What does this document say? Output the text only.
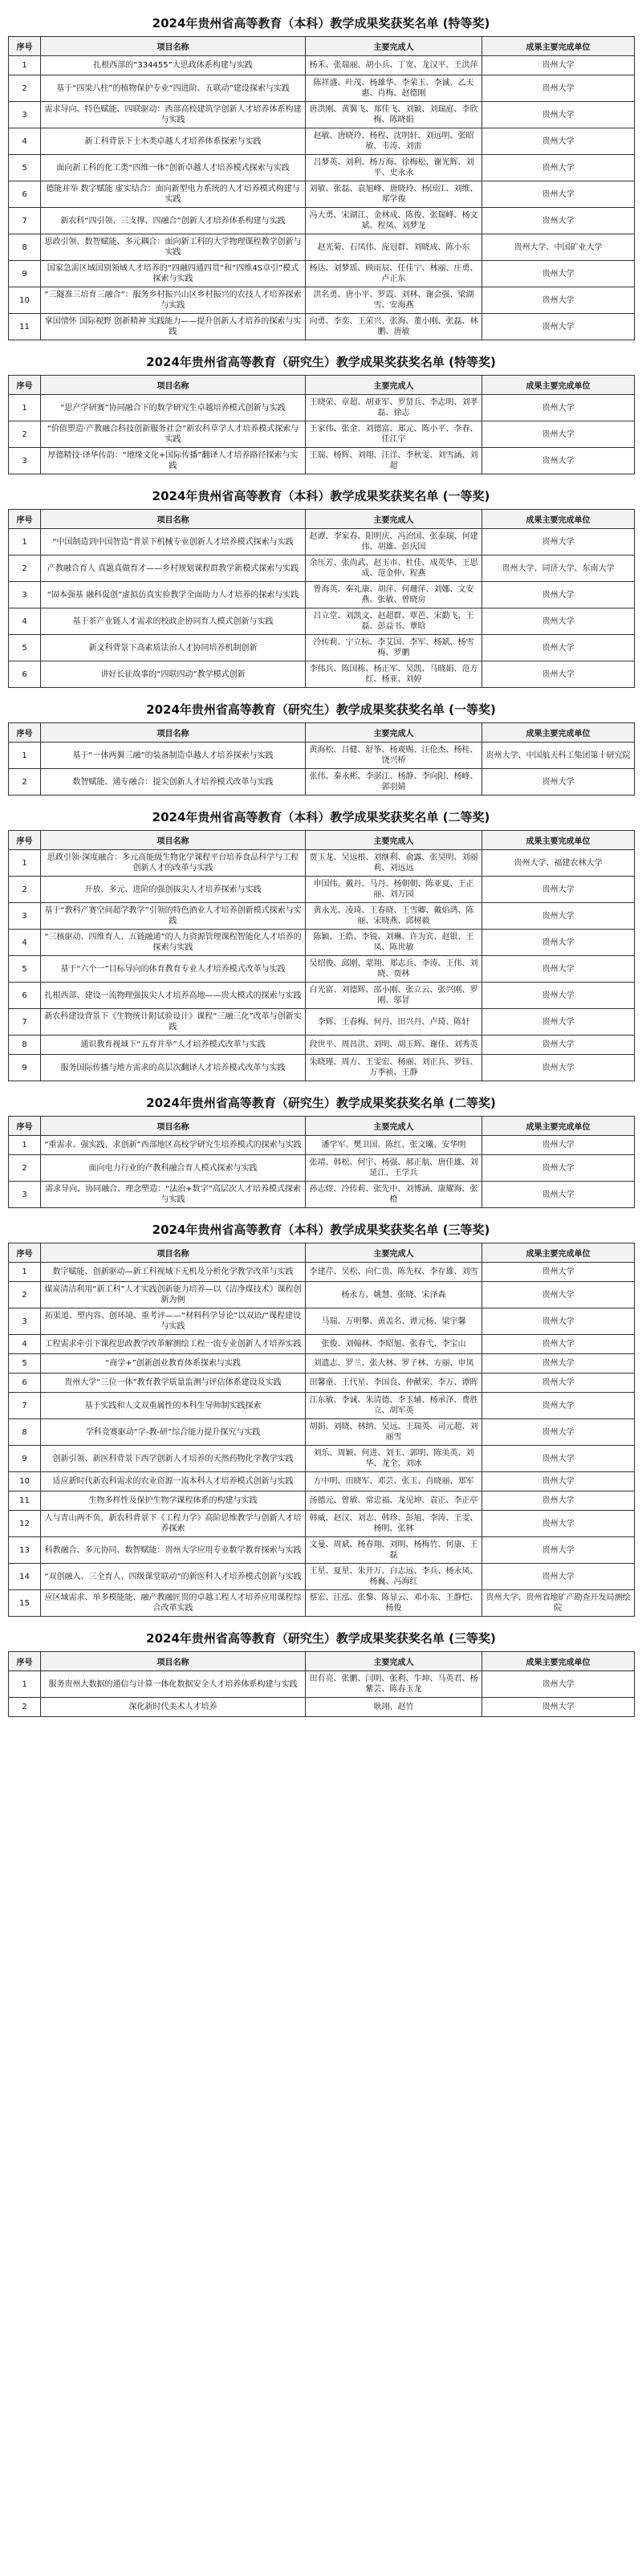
2024年贵州省高等教育（本科）教学成果奖获奖名单 (特等奖)
序号	项目名称	主要完成人	成果主要完成单位
1	扎根西部的“334455”大思政体系构建与实践	杨禾、张瑞丽、胡小兵、丁宽、龙汉平、王洪萍	贵州大学
2	基于“四梁八柱”的植物保护专业“四进阶、五联动”建设探索与实践	陈祥盛、叶茂、杨雄华、李荣玉、李诚、乙天惠、肖梅、赵德刚	贵州大学
3	需求导向、特色赋能、四联驱动：西部高校建筑学创新人才培养体系构建与实践	唐洪刚、黄翼飞、郑佳飞、刘颖、刘瑞庭、李欣梅、陈晓娟	贵州大学
4	新工科背景下土木类卓越人才培养体系探索与实践	赵敏、唐晓玲、杨程、沈明轩、刘远明、张昭敏、韦涛、刘雷	贵州大学
5	面向新工科的化工类“四维一体”创新卓越人才培养模式探索与实践	吕梦英、刘利、杨万海、徐梅松、谢光辉、刘平、史永永	贵州大学
6	德能并举 数字赋能 虚实结合：面向新型电力系统的人才培养模式构建与实践	刘敏、张磊、袁旭峰、唐晓玲、杨国江、刘维、郑学俊	贵州大学
7	新农科“四引领、三支撑、四融合”创新人才培养体系构建与实践	冯大勇、宋湖江、金林成、陈俊、张瑞峰、杨文斌、程凤、刘梦龙	贵州大学
8	思政引领、数智赋能、多元耦合：面向新工科的大学物理课程教学创新与实践	赵光菊、石凤伟、庞冠群、刘晓成、陈小东	贵州大学、中国矿业大学
9	国家急需区域国别领域人才培养的“四融四通四贯”和“四维4S卓引”模式探索与实践	杨达、刘梦瑶、顾雨辰、任佳宁、林丽、庄勇、卢正东	贵州大学
10	“三隧准三培育三融合”：服务乡村振兴山区乡村振兴的农技人才培养探索与实践	洪名勇、唐小平、罗霞、刘林、谢会强、梁湖雪、安海燕	贵州大学
11	掌国情怀 国际视野 创新精神 实践能力——提升创新人才培养的探索与实践	向勇、李奕、王荣兴、张海、董小刚、张磊、林鹏、唐敏	贵州大学
2024年贵州省高等教育（研究生）教学成果奖获奖名单 (特等奖)
序号	项目名称	主要完成人	成果主要完成单位
1	“思产学研赛”协同融合下的数学研究生卓越培养模式创新与实践	王晓荣、章超、胡亚军、罗贤兵、李志明、刘孝磊、徐志	贵州大学
2	“价值塑造·产教融合科技创新服务社会”新农科草学人才培养模式探索与实践	王家伟、张金、刘德富、郑元、陈小平、李春、任江宇	贵州大学
3	厚德精技·译华传韵：“地缘文化+国际传播”翻译人才培养路径探索与实践	王瑞、杨辉、刘翔、汪洋、李秋雯、刘雪涵、刘超	贵州大学
2024年贵州省高等教育（本科）教学成果奖获奖名单 (一等奖)
序号	项目名称	主要完成人	成果主要完成单位
1	“中国制造到中国智造”背景下机械专业创新人才培养模式探索与实践	赵谭、李家春、阳明庆、冯治国、张泰瑞、何建伟、胡雄、彭庆国	贵州大学
2	产教融合育人 真题真做育才——乡村规划课程群教学新模式探索与实践	余压芳、张尚武、赵玉市、杜佳、成英华、王思成、范金仲、程燕	贵州大学、同济大学、东南大学
3	“固本强基 融科促创”虚拟仿真实验教学全面助力人才培养的探索与实践	曾海英、秦礼康、胡萍、何珊萍、刘娜、文安燕、张敏、曾晓房	贵州大学
4	基于茶产业链人才需求的校政企协同育人模式创新与实践	吕立堂、刘凯文、赵超群、覃芭、宋勤飞、王磊、彭益书、蕈晗	贵州大学
5	新文科背景下高素质法治人才协同培养机制创新	冷传莉、宁立标、李艾国、李军、杨斌、杨雪梅、罗鹏	贵州大学
6	讲好长征故事的“四联四动”教学模式创新	李伟兵、陈国栋、杨正军、吴凯、马晓娟、范方红、杨亚、刘婷	贵州大学
2024年贵州省高等教育（研究生）教学成果奖获奖名单 (一等奖)
序号	项目名称	主要完成人	成果主要完成单位
1	基于“一体两翼三融”的装备制造卓越人才培养探索与实践	黄海松、吕健、舒筝、杨观赐、汪伦杰、杨桂、饶兴桥	贵州大学、中国航天科工集团第十研究院
2	数智赋能、通专融合：提尖创新人才培养模式改革与实践	张伟、秦永彬、李湛江、杨静、李向阳、杨峰、郭羽婧	贵州大学
2024年贵州省高等教育（本科）教学成果奖获奖名单 (二等奖)
序号	项目名称	主要完成人	成果主要完成单位
1	思政引领·深度融合：多元高能级生物化学课程平台培养食品科学与工程创新人才的改革与实践	贾玉龙、吴远根、刘继利、俞露、张昊明、刘丽莉、刘远远	贵州大学、福建农林大学
2	开放、多元、进阶的强创拔尖人才培养探索与实践	申国伟、戴丹、马丹、杨朝朝、陈亚夏、王正丽、刘万园	贵州大学
3	基于“教科产赛空间超学教学”引领的特色酒业人才培养创新模式探索与实践	黄永光、凌琦、王春晓、王雪卿、戴焰鸿、陈丽、宋晓燕、邱树毅	贵州大学
4	“三核驱动、四维育人、五链融通”的人力资源管理课程智能化人才培养的探索与实践	陈颖、王皓、李锐、刘琳、许为宾、赵银、王凤、陈世敏	贵州大学
5	基于“六个一”目标导向的体育教育专业人才培养模式改革与实践	吴绍俊、邱刚、蒙翔、郑志兵、李涛、王伟、刘晓、贾林	贵州大学
6	扎根西部、建设一流物理强拔尖人才培养高地——贵大模式的探索与实践	白光富、刘德辉、邵小刚、张立云、张兴刚、罗刚、邬冒	贵州大学
7	新农科建设背景下《生物统计附试验设计》课程“三融三化”改革与创新实践	李辉、王春梅、何丹、田兴丹、卢琦、陈轩	贵州大学
8	通识教育视域下“五育并举”人才培养模式改革与实践	段世平、周昌洪、刘明、胡玉辉、谢佳、刘秀英	贵州大学
9	服务国际传播与地方需求的高层次翻译人才培养模式改革与实践	朱晓瑾、周方、王雯宏、杨丽、刘正兵、罗钰、万季祯、王静	贵州大学
2024年贵州省高等教育（研究生）教学成果奖获奖名单 (二等奖)
序号	项目名称	主要完成人	成果主要完成单位
1	“重需求、强实践、求创新”西部地区高校学研究生培养模式的探索与实践	潘学军、樊卫国、陈红、张文曦、安华明	贵州大学
2	面向电力行业的产教科融合育人模式探索与实践	张靖、韩松、何宇、杨强、郝正航、唐佳雄、刘延江、王学兵	贵州大学
3	需求导向、协同融合、理念塑造：“法治+数字”高层次人才培养模式探索与实践	孙志煜、冷传莉、张先中、刘博涵、康耀海、张橙	贵州大学
2024年贵州省高等教育（本科）教学成果奖获奖名单 (三等奖)
序号	项目名称	主要完成人	成果主要完成单位
1	数字赋能、创新驱动—新工科视域下无机及分析化学教学改革与实践	李建芹、吴松、向仁贵、陈先权、李存雄、刘雪	贵州大学
2	煤炭清洁利用“新工科”人才实践创新能力培养—以《洁净煤技术》课程创新为例	杨永方、姚慧、张晓、宋泽森	贵州大学
3	拓渠道、塑内容、创环境、重考评——“材料科学导论”以双语/“课程建设与实践	马瑞、万明攀、黄盖名、谭元杨、梁宇馨	贵州大学
4	工程需求牵引下课程思政教学改革解测绘工程一流专业创新人才培养实践	张俊、刘翰林、李昭旭、张春弋、李宝山	贵州大学
5	“商学+”创新创业教育体系探索与实践	刘遗志、罗兰、张大林、罗子林、方丽、申凤	贵州大学
6	贵州大学“三位一体”教育教学质量监测与评估体系建设及实践	田馨童、王代星、李国良、仲献荣、李万、谭晖	贵州大学
7	基于实践和人文双重属性的本科生导师制实践探索	江东敏、李诚、朱清德、李玉辅、杨承泽、费胜立、胡军英	贵州大学
8	学科竞赛驱动“学-教-研”综合能力提升探究与实践	胡娟、刘晓、林纳、吴远、王瑞英、司元超、刘丽雪	贵州大学
9	创新引领、新医科背景下西学创新人才培养的天然药物化学教学实践	刘乐、周颖、何进、刘玉、郭明、陈美英、刘华、龙全、刘冰	贵州大学
10	适应新时代新农科需求的农业资源一流本科人才培养模式创新与实践	方中明、田晓军、邓芸、张玉、肖晓丽、郑军	贵州大学
11	生物多样性及保护生物学课程体系的构建与实践	汤德元、曾敏、常忠福、龙见坤、袁正、李正亭	贵州大学
12	人与青山两不负，新农科背景下《工程力学》高阶思维教学与创新人才培养探索	韩威、赵汉、刘志、韩珍、彭旭、李涛、王雯、杨明、张林	贵州大学
13	科教融合、多元协同、数智赋能：贵州大学应用专业数学教育探索与实践	文曼、周斌、杨春翔、刘明、杨梅竹、何康、王磊	贵州大学
14	“双创融入、三全育人、四级课堂联动”的新医科人才培养模式创新与实践	王星、夏星、朱开万、白志远、李兵、杨永凤、杨巍、冯海红	贵州大学
15	应区域需求、单多模能能、融产教融匠贵的卓越工程人才培养应用课程综合改革实践	蔡宏、汪泓、张黎、陈显云、邓小东、王静恺、杨俊	贵州大学、贵州省地矿产勘查开发局测绘院
2024年贵州省高等教育（研究生）教学成果奖获奖名单 (三等奖)
序号	项目名称	主要完成人	成果主要完成单位
1	服务贵州大数据的通信与计算一体化数据安全人才培养体系构建与实践	田有亮、张鹏、闫明、张利、牛坤、马英君、杨紫芸、陈春玉龙	贵州大学
2	深化新时代美术人才培养	耿翊、赵竹	贵州大学
